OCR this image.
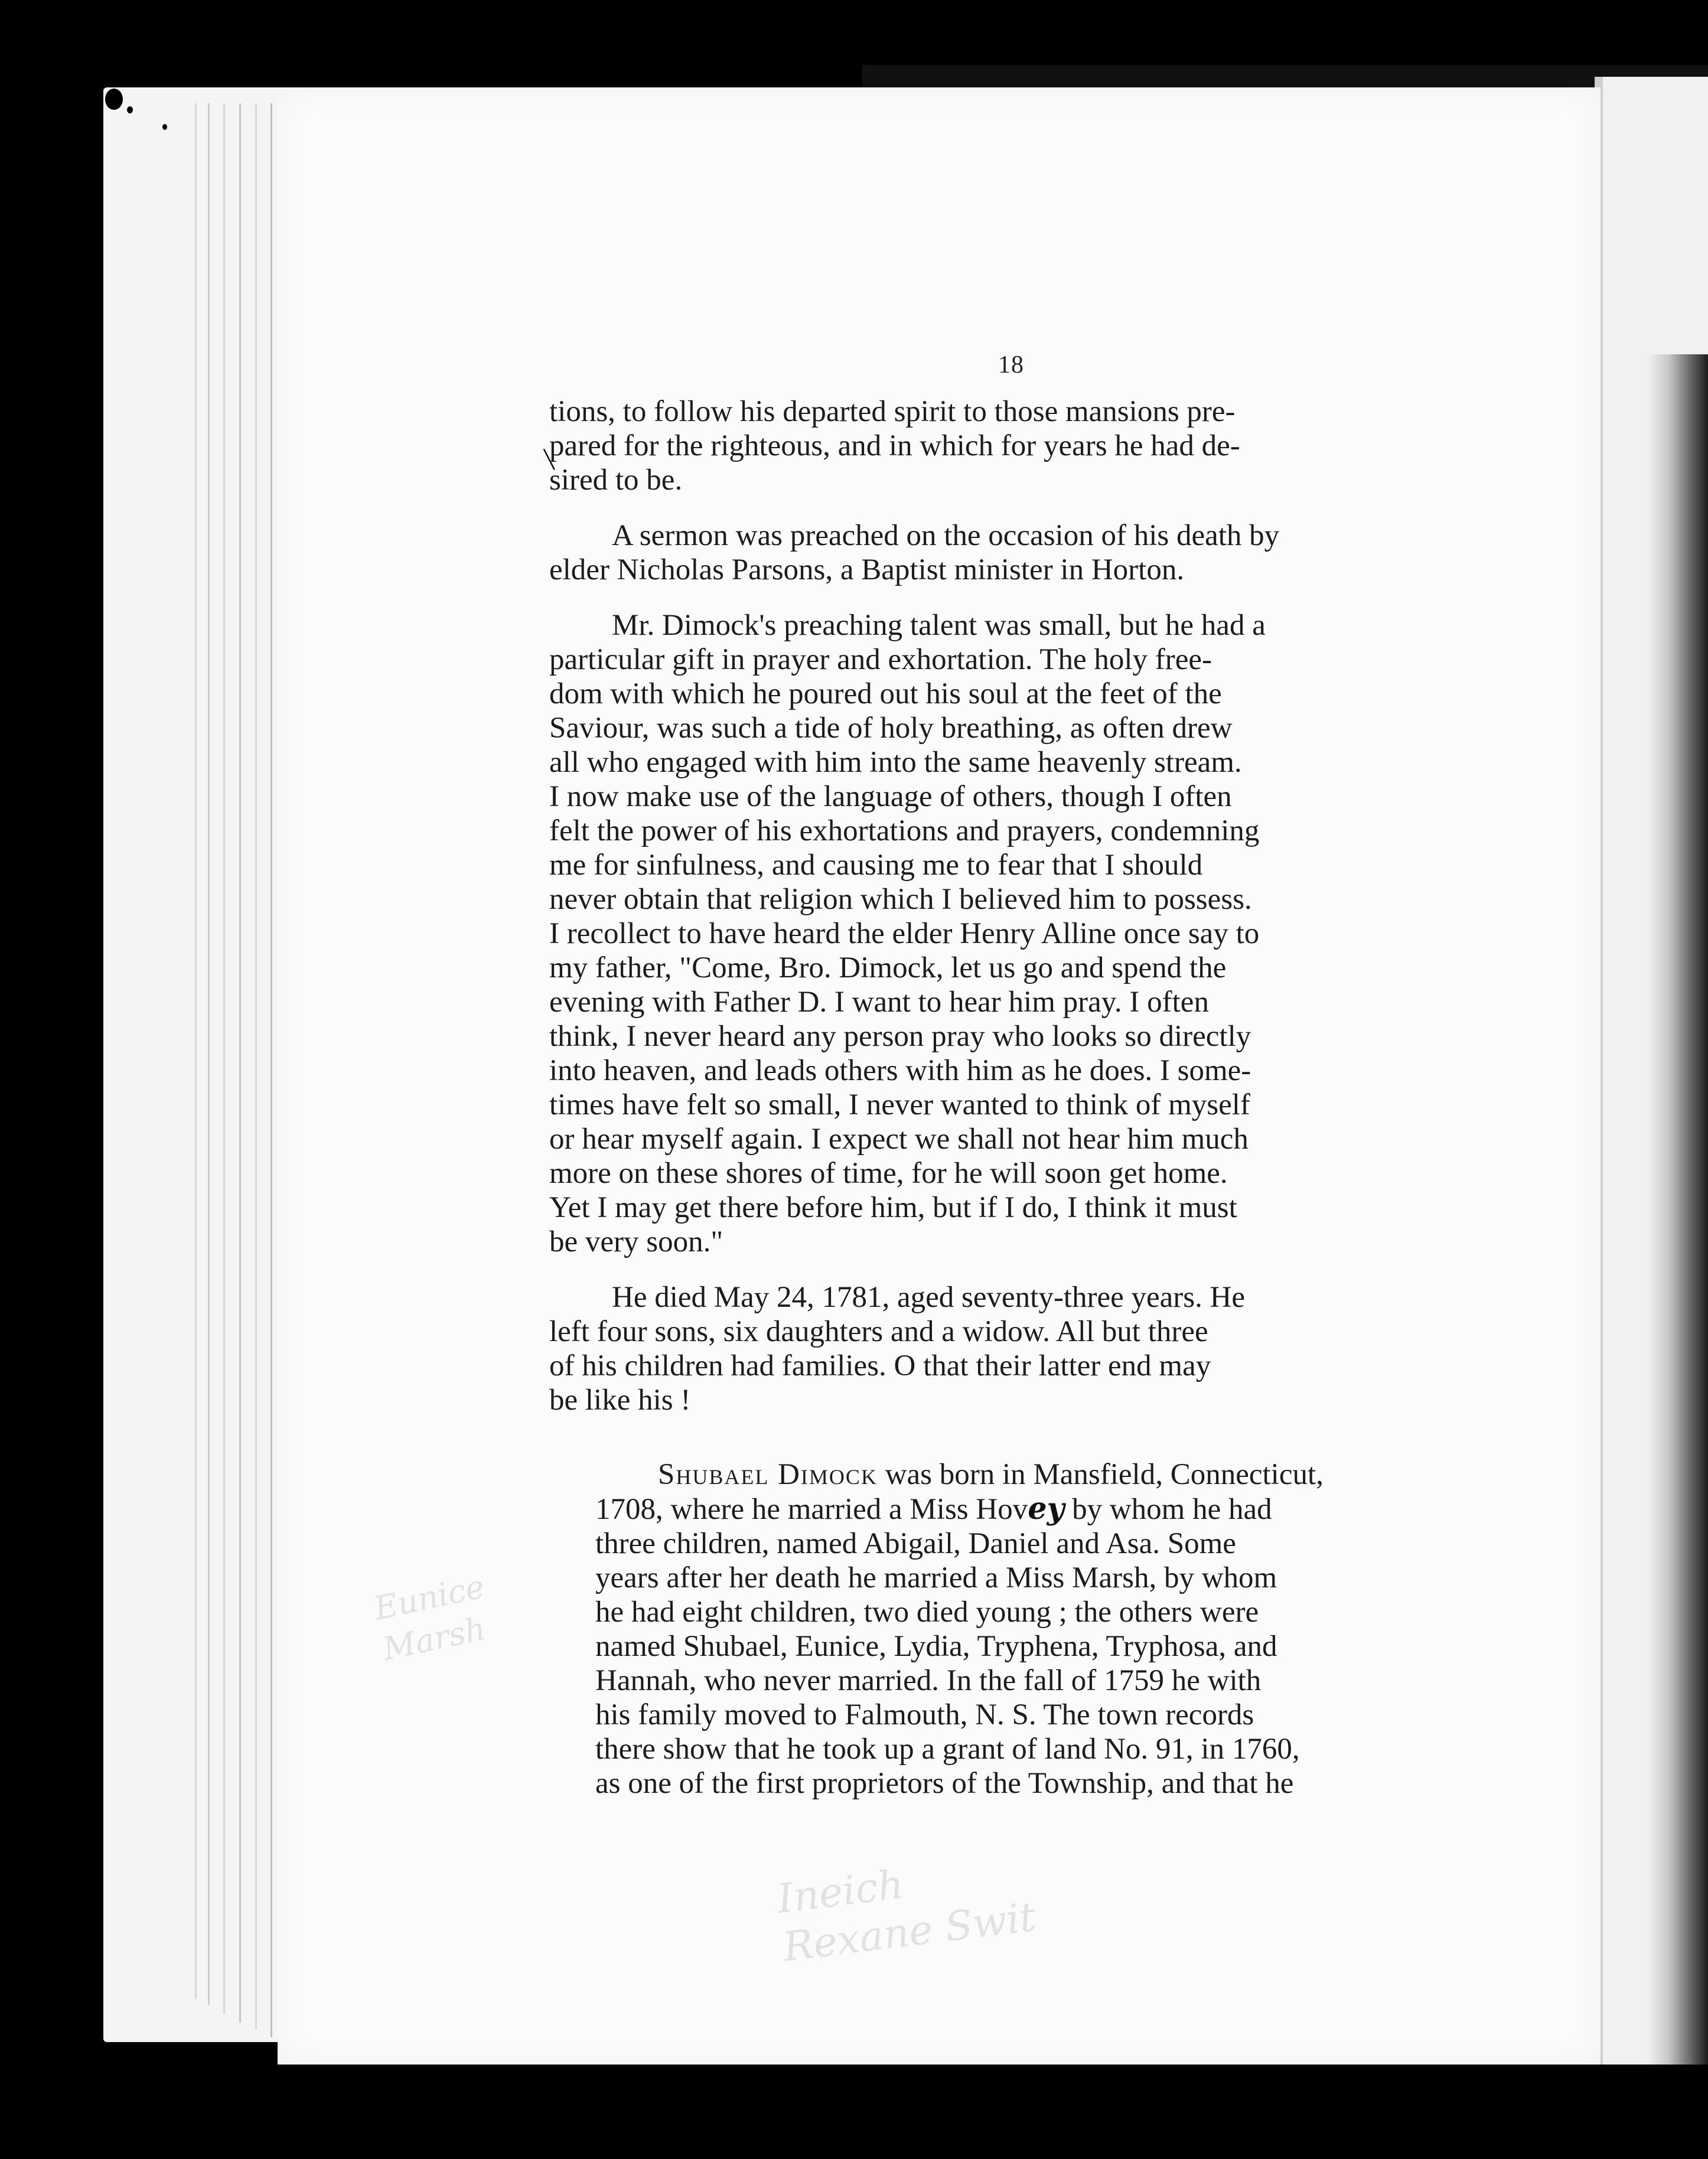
18
\

tions, to follow his departed spirit to those mansions pre-
pared for the righteous, and in which for years he had de-
sired to be.

A sermon was preached on the occasion of his death by
elder Nicholas Parsons, a Baptist minister in Horton.

Mr. Dimock's preaching talent was small, but he had a
particular gift in prayer and exhortation. The holy free-
dom with which he poured out his soul at the feet of the
Saviour, was such a tide of holy breathing, as often drew
all who engaged with him into the same heavenly stream.
I now make use of the language of others, though I often
felt the power of his exhortations and prayers, condemning
me for sinfulness, and causing me to fear that I should
never obtain that religion which I believed him to possess.
I recollect to have heard the elder Henry Alline once say to
my father, "Come, Bro. Dimock, let us go and spend the
evening with Father D. I want to hear him pray. I often
think, I never heard any person pray who looks so directly
into heaven, and leads others with him as he does. I some-
times have felt so small, I never wanted to think of myself
or hear myself again. I expect we shall not hear him much
more on these shores of time, for he will soon get home.
Yet I may get there before him, but if I do, I think it must
be very soon."

He died May 24, 1781, aged seventy-three years. He
left four sons, six daughters and a widow. All but three
of his children had families. O that their latter end may
be like his !

Shubael Dimock was born in Mansfield, Connecticut,

1708, where he married a Miss Hovey by whom he had

three children, named Abigail, Daniel and Asa. Some
years after her death he married a Miss Marsh, by whom
he had eight children, two died young ; the others were
named Shubael, Eunice, Lydia, Tryphena, Tryphosa, and
Hannah, who never married. In the fall of 1759 he with
his family moved to Falmouth, N. S. The town records
there show that he took up a grant of land No. 91, in 1760,
as one of the first proprietors of the Township, and that he

Eunice
Marsh
Ineich
Rexane Swit
